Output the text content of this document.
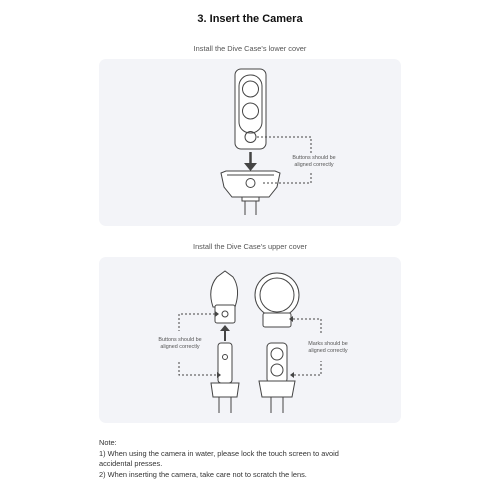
3. Insert the Camera
Install the Dive Case's lower cover
Buttons should be
aligned correctly
Install the Dive Case's upper cover
Buttons should be
aligned correctly
Marks should be
aligned correctly
Note:
1) When using the camera in water, please lock the touch screen to avoid
accidental presses.
2) When inserting the camera, take care not to scratch the lens.
